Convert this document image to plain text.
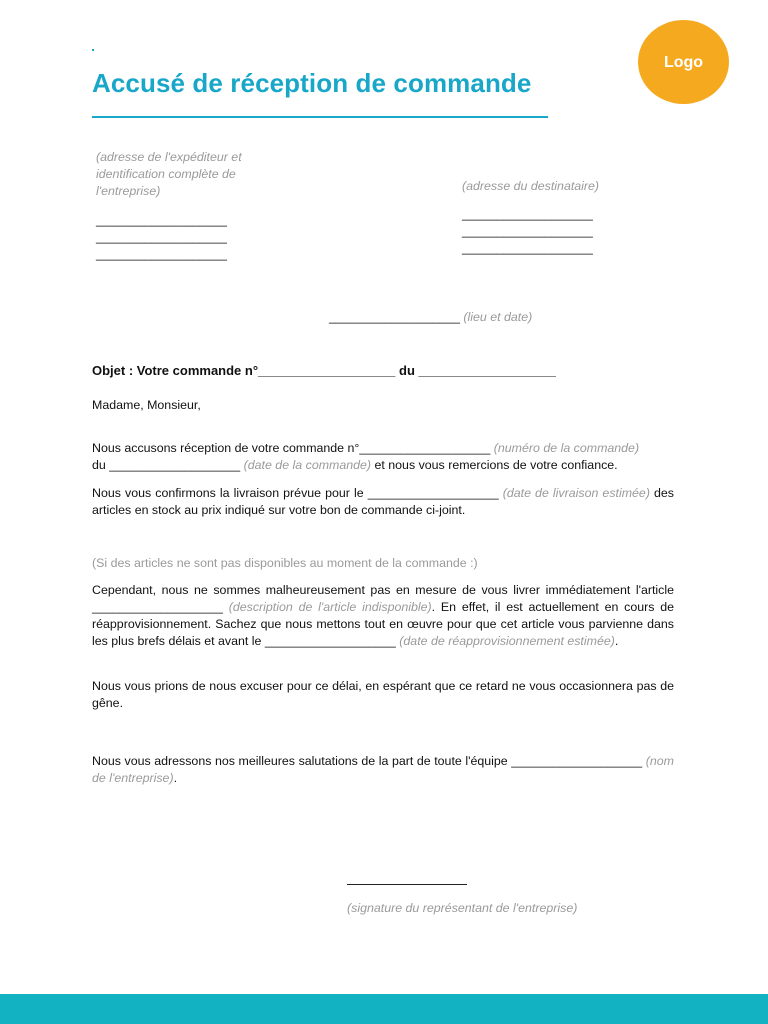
Accusé de réception de commande
Logo
(adresse de l'expéditeur et identification complète de l'entreprise)
___________________
___________________
___________________
(adresse du destinataire)
___________________
___________________
___________________
___________________ (lieu et date)
Objet : Votre commande n°___________________ du ___________________
Madame, Monsieur,
Nous accusons réception de votre commande n°___________________ (numéro de la commande)
du ___________________ (date de la commande) et nous vous remercions de votre confiance.
Nous vous confirmons la livraison prévue pour le ___________________ (date de livraison estimée) des articles en stock au prix indiqué sur votre bon de commande ci-joint.
(Si des articles ne sont pas disponibles au moment de la commande :)
Cependant, nous ne sommes malheureusement pas en mesure de vous livrer immédiatement l'article ___________________ (description de l'article indisponible). En effet, il est actuellement en cours de réapprovisionnement. Sachez que nous mettons tout en œuvre pour que cet article vous parvienne dans les plus brefs délais et avant le ___________________ (date de réapprovisionnement estimée).
Nous vous prions de nous excuser pour ce délai, en espérant que ce retard ne vous occasionnera pas de gêne.
Nous vous adressons nos meilleures salutations de la part de toute l'équipe ___________________ (nom de l'entreprise).
(signature du représentant de l'entreprise)
